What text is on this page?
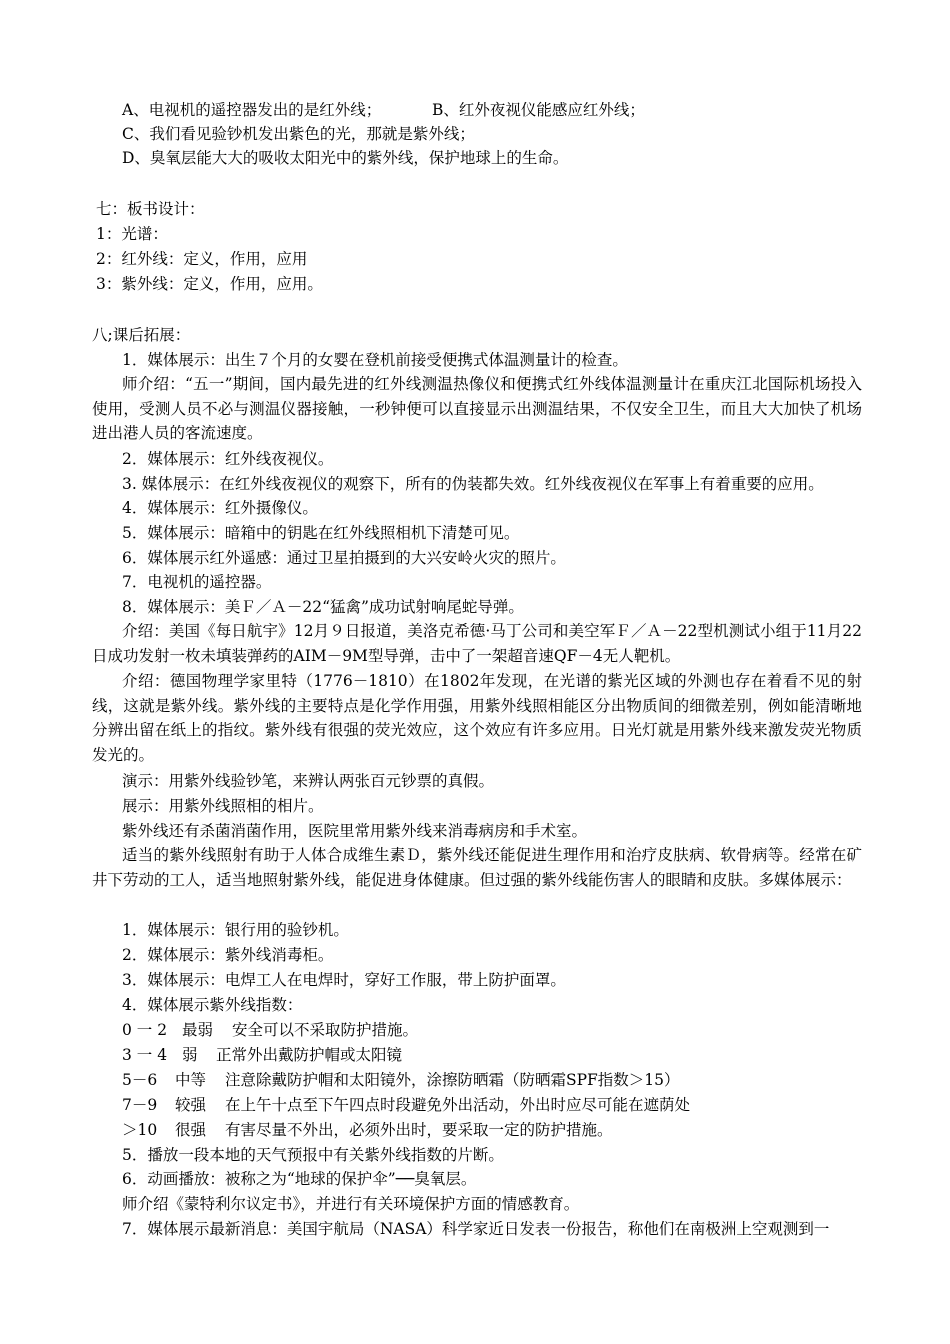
A、电视机的遥控器发出的是红外线；	B、红外夜视仪能感应红外线；
C、我们看见验钞机发出紫色的光，那就是紫外线；
D、臭氧层能大大的吸收太阳光中的紫外线，保护地球上的生命。
七：板书设计：
1：光谱：
2：红外线：定义，作用，应用
3：紫外线：定义，作用，应用。
八;课后拓展：
1．媒体展示：出生７个月的女婴在登机前接受便携式体温测量计的检查。
师介绍：“五一”期间，国内最先进的红外线测温热像仪和便携式红外线体温测量计在重庆江北国际机场投入使用，受测人员不必与测温仪器接触，一秒钟便可以直接显示出测温结果，不仅安全卫生，而且大大加快了机场进出港人员的客流速度。
2．媒体展示：红外线夜视仪。
3. 媒体展示：在红外线夜视仪的观察下，所有的伪装都失效。红外线夜视仪在军事上有着重要的应用。
4．媒体展示：红外摄像仪。
5．媒体展示：暗箱中的钥匙在红外线照相机下清楚可见。
6．媒体展示红外遥感：通过卫星拍摄到的大兴安岭火灾的照片。
7．电视机的遥控器。
8．媒体展示：美Ｆ／Ａ－22“猛禽”成功试射响尾蛇导弹。
介绍：美国《每日航宇》12月９日报道，美洛克希德·马丁公司和美空军Ｆ／Ａ－22型机测试小组于11月22日成功发射一枚未填装弹药的AIM－9M型导弹，击中了一架超音速QF－4无人靶机。
介绍：德国物理学家里特（1776－1810）在1802年发现，在光谱的紫光区域的外测也存在着看不见的射线，这就是紫外线。紫外线的主要特点是化学作用强，用紫外线照相能区分出物质间的细微差别，例如能清晰地分辨出留在纸上的指纹。紫外线有很强的荧光效应，这个效应有许多应用。日光灯就是用紫外线来激发荧光物质发光的。
演示：用紫外线验钞笔，来辨认两张百元钞票的真假。
展示：用紫外线照相的相片。
紫外线还有杀菌消菌作用，医院里常用紫外线来消毒病房和手术室。
适当的紫外线照射有助于人体合成维生素Ｄ，紫外线还能促进生理作用和治疗皮肤病、软骨病等。经常在矿井下劳动的工人，适当地照射紫外线，能促进身体健康。但过强的紫外线能伤害人的眼睛和皮肤。多媒体展示：
1．媒体展示：银行用的验钞机。
2．媒体展示：紫外线消毒柜。
3．媒体展示：电焊工人在电焊时，穿好工作服，带上防护面罩。
4．媒体展示紫外线指数：
0 一 2 最弱 安全可以不采取防护措施。
3 一 4 弱 正常外出戴防护帽或太阳镜
5－6 中等 注意除戴防护帽和太阳镜外，涂擦防晒霜（防晒霜SPF指数＞15）
7－9 较强 在上午十点至下午四点时段避免外出活动，外出时应尽可能在遮荫处
＞10 很强 有害尽量不外出，必须外出时，要采取一定的防护措施。
5．播放一段本地的天气预报中有关紫外线指数的片断。
6．动画播放：被称之为“地球的保护伞”──臭氧层。
师介绍《蒙特利尔议定书》，并进行有关环境保护方面的情感教育。
7．媒体展示最新消息：美国宇航局（NASA）科学家近日发表一份报告，称他们在南极洲上空观测到一
